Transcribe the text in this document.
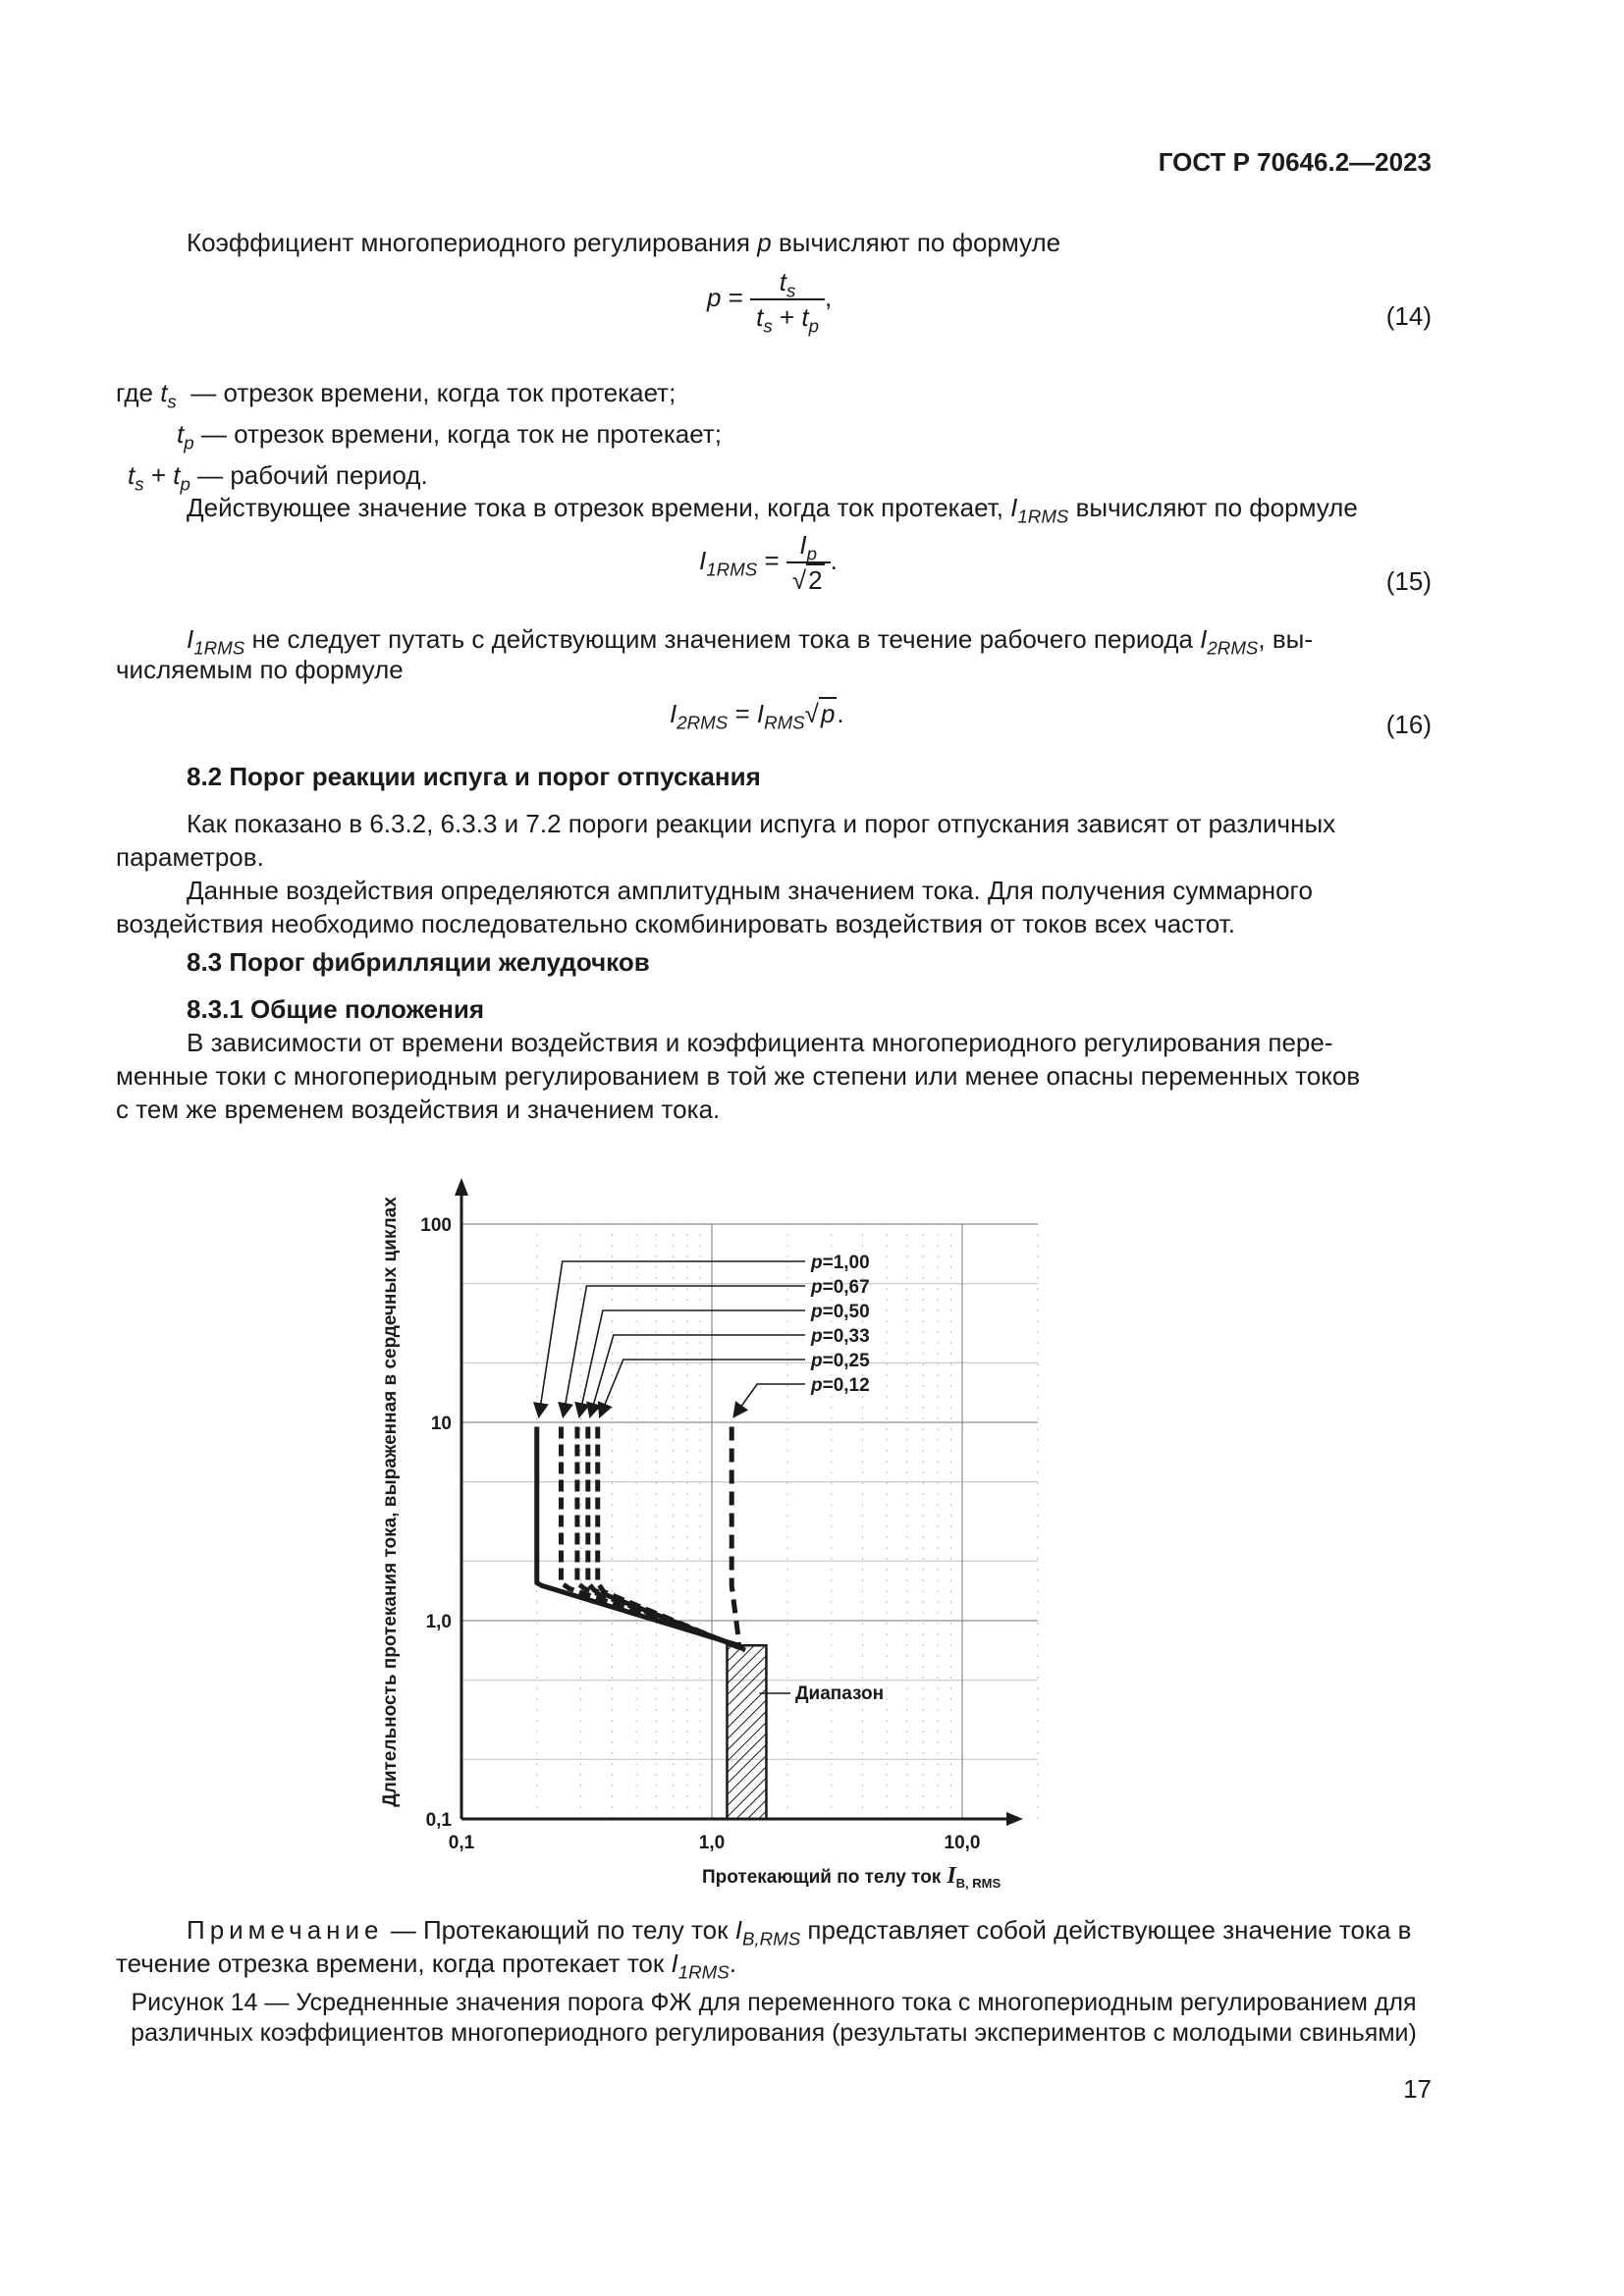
ГОСТ Р 70646.2—2023
Коэффициент многопериодного регулирования p вычисляют по формуле
$p = \frac{t_s}{t_s + t_p}$ ,
(14)
где $t_s$ — отрезок времени, когда ток протекает;
$t_p$ — отрезок времени, когда ток не протекает;
$t_s + t_p$ — рабочий период.
Действующее значение тока в отрезок времени, когда ток протекает, $I_{1RMS}$ вычисляют по формуле
$I_{1RMS} = \frac{I_p}{√2}$ .
(15)
$I_{1RMS}$ не следует путать с действующим значением тока в течение рабочего периода $I_{2RMS}$, вы-
числяемым по формуле
$I_{2RMS} = I_{RMS}√p$.	(16)
8.2 Порог реакции испуга и порог отпускания
Как показано в 6.3.2, 6.3.3 и 7.2 пороги реакции испуга и порог отпускания зависят от различных
параметров.
Данные воздействия определяются амплитудным значением тока. Для получения суммарного
воздействия необходимо последовательно скомбинировать воздействия от токов всех частот.
8.3 Порог фибрилляции желудочков
8.3.1 Общие положения
В зависимости от времени воздействия и коэффициента многопериодного регулирования пере-
менные токи с многопериодным регулированием в той же степени или менее опасны переменных токов
с тем же временем воздействия и значением тока.
0,1	1,0	10,0
100
10
1,0
0,1
p=1,00
p=0,67
p=0,50
p=0,33
p=0,25
p=0,12
Длительность протекания тока, выраженная в сердечных циклах
Протекающий по телу ток $I_{B, RMS}$
Диапазон
Примечание — Протекающий по телу ток $I_{B,RMS}$ представляет собой действующее значение тока в
течение отрезка времени, когда протекает ток $I_{1RMS}$.
Рисунок 14 — Усредненные значения порога ФЖ для переменного тока с многопериодным регулированием для
различных коэффициентов многопериодного регулирования (результаты экспериментов с молодыми свиньями)
17
